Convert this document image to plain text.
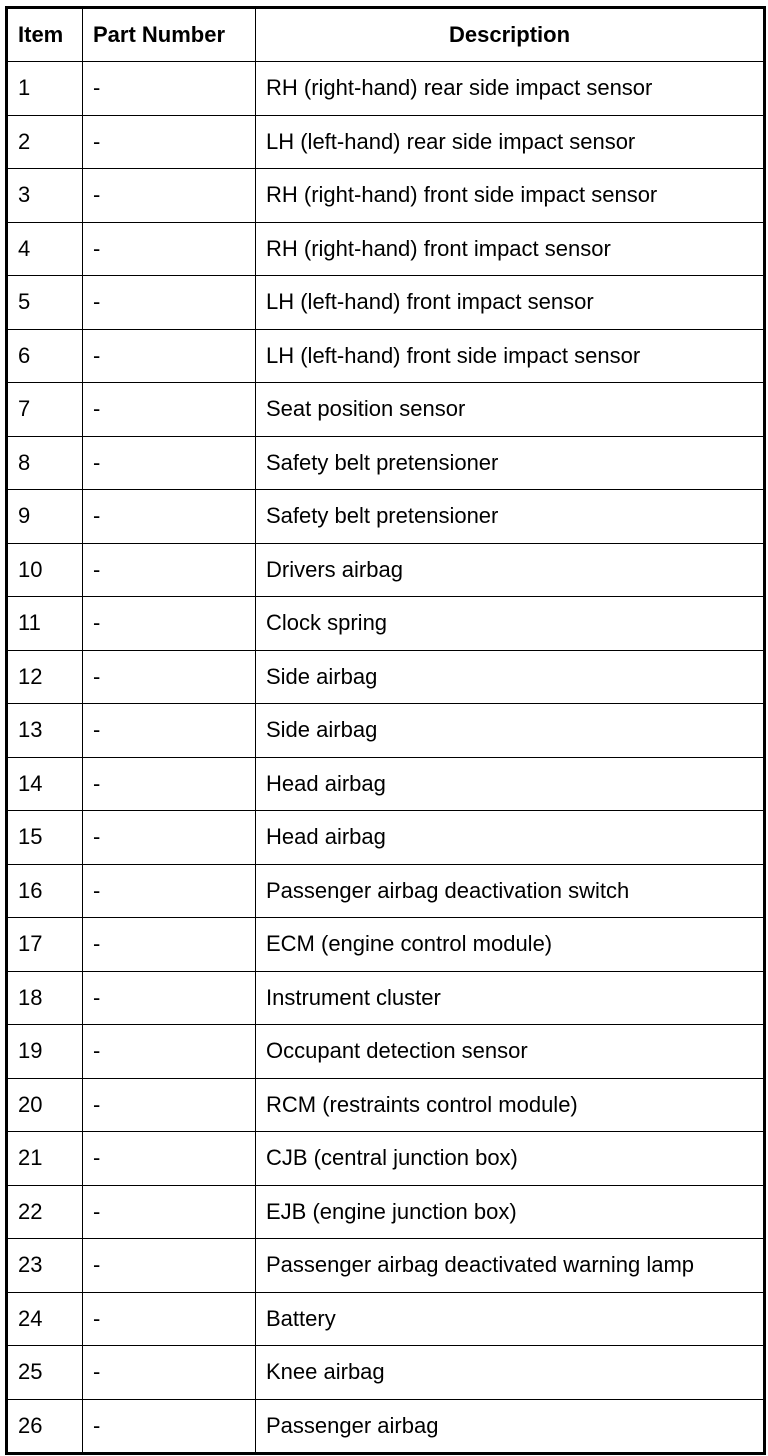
Item	Part Number	Description
1	-	RH (right-hand) rear side impact sensor
2	-	LH (left-hand) rear side impact sensor
3	-	RH (right-hand) front side impact sensor
4	-	RH (right-hand) front impact sensor
5	-	LH (left-hand) front impact sensor
6	-	LH (left-hand) front side impact sensor
7	-	Seat position sensor
8	-	Safety belt pretensioner
9	-	Safety belt pretensioner
10	-	Drivers airbag
11	-	Clock spring
12	-	Side airbag
13	-	Side airbag
14	-	Head airbag
15	-	Head airbag
16	-	Passenger airbag deactivation switch
17	-	ECM (engine control module)
18	-	Instrument cluster
19	-	Occupant detection sensor
20	-	RCM (restraints control module)
21	-	CJB (central junction box)
22	-	EJB (engine junction box)
23	-	Passenger airbag deactivated warning lamp
24	-	Battery
25	-	Knee airbag
26	-	Passenger airbag
